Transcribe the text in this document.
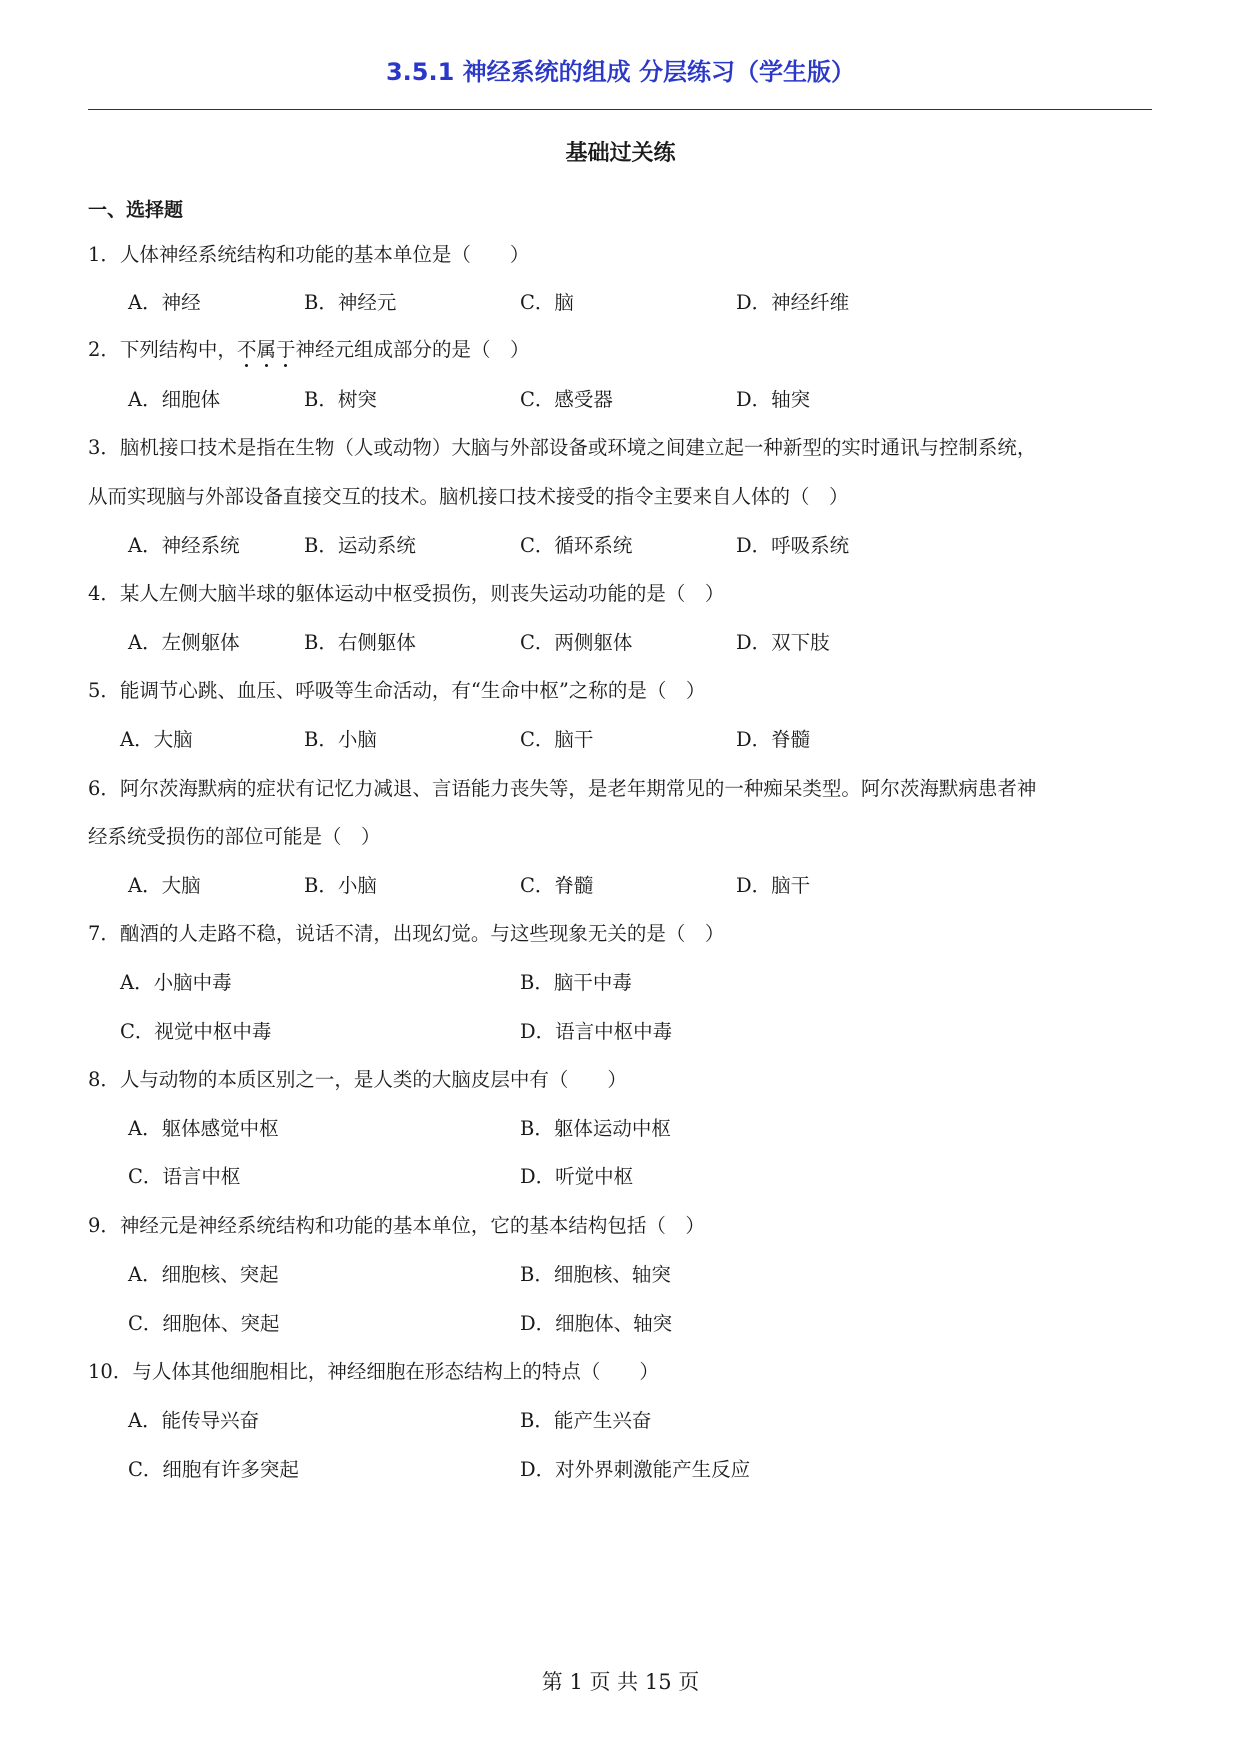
3.5.1 神经系统的组成 分层练习（学生版）
基础过关练
一、选择题
1．人体神经系统结构和功能的基本单位是（　　）
A．神经	B．神经元	C．脑	D．神经纤维
2．下列结构中，不属于神经元组成部分的是（　）
A．细胞体	B．树突	C．感受器	D．轴突
3．脑机接口技术是指在生物（人或动物）大脑与外部设备或环境之间建立起一种新型的实时通讯与控制系统，
从而实现脑与外部设备直接交互的技术。脑机接口技术接受的指令主要来自人体的（　）
A．神经系统	B．运动系统	C．循环系统	D．呼吸系统
4．某人左侧大脑半球的躯体运动中枢受损伤，则丧失运动功能的是（　）
A．左侧躯体	B．右侧躯体	C．两侧躯体	D．双下肢
5．能调节心跳、血压、呼吸等生命活动，有“生命中枢”之称的是（　）
A．大脑	B．小脑	C．脑干	D．脊髓
6．阿尔茨海默病的症状有记忆力减退、言语能力丧失等，是老年期常见的一种痴呆类型。阿尔茨海默病患者神
经系统受损伤的部位可能是（　）
A．大脑	B．小脑	C．脊髓	D．脑干
7．酗酒的人走路不稳，说话不清，出现幻觉。与这些现象无关的是（　）
A．小脑中毒	B．脑干中毒
C．视觉中枢中毒	D．语言中枢中毒
8．人与动物的本质区别之一，是人类的大脑皮层中有（　　）
A．躯体感觉中枢	B．躯体运动中枢
C．语言中枢	D．听觉中枢
9．神经元是神经系统结构和功能的基本单位，它的基本结构包括（　）
A．细胞核、突起	B．细胞核、轴突
C．细胞体、突起	D．细胞体、轴突
10．与人体其他细胞相比，神经细胞在形态结构上的特点（　　）
A．能传导兴奋	B．能产生兴奋
C．细胞有许多突起	D．对外界刺激能产生反应
第 1 页 共 15 页
